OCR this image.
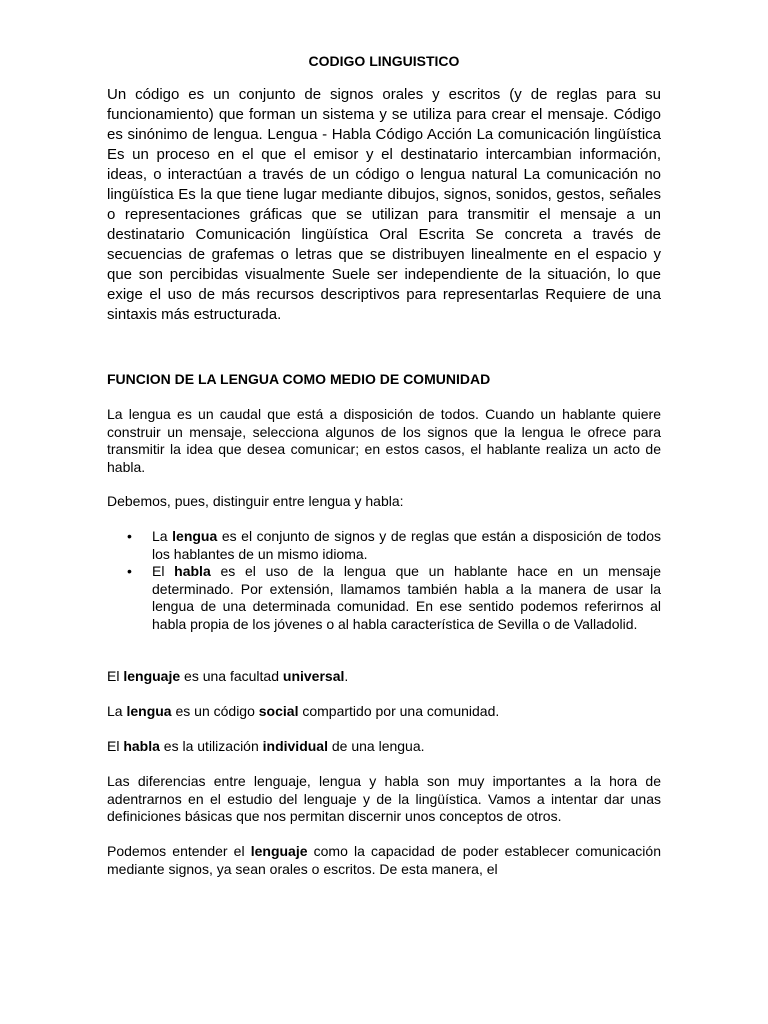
CODIGO LINGUISTICO

Un código es un conjunto de signos orales y escritos (y de reglas para su funcionamiento) que forman un sistema y se utiliza para crear el mensaje. Código es sinónimo de lengua. Lengua - Habla Código Acción La comunicación lingüística Es un proceso en el que el emisor y el destinatario intercambian información, ideas, o interactúan a través de un código o lengua natural La comunicación no lingüística Es la que tiene lugar mediante dibujos, signos, sonidos, gestos, señales o representaciones gráficas que se utilizan para transmitir el mensaje a un destinatario Comunicación lingüística Oral Escrita Se concreta a través de secuencias de grafemas o letras que se distribuyen linealmente en el espacio y que son percibidas visualmente Suele ser independiente de la situación, lo que exige el uso de más recursos descriptivos para representarlas Requiere de una sintaxis más estructurada.

FUNCION DE LA LENGUA COMO MEDIO DE COMUNIDAD

La lengua es un caudal que está a disposición de todos. Cuando un hablante quiere construir un mensaje, selecciona algunos de los signos que la lengua le ofrece para transmitir la idea que desea comunicar; en estos casos, el hablante realiza un acto de habla.

Debemos, pues, distinguir entre lengua y habla:

• La lengua es el conjunto de signos y de reglas que están a disposición de todos los hablantes de un mismo idioma.
• El habla es el uso de la lengua que un hablante hace en un mensaje determinado. Por extensión, llamamos también habla a la manera de usar la lengua de una determinada comunidad. En ese sentido podemos referirnos al habla propia de los jóvenes o al habla característica de Sevilla o de Valladolid.

El lenguaje es una facultad universal.

La lengua es un código social compartido por una comunidad.

El habla es la utilización individual de una lengua.

Las diferencias entre lenguaje, lengua y habla son muy importantes a la hora de adentrarnos en el estudio del lenguaje y de la lingüística. Vamos a intentar dar unas definiciones básicas que nos permitan discernir unos conceptos de otros.

Podemos entender el lenguaje como la capacidad de poder establecer comunicación mediante signos, ya sean orales o escritos. De esta manera, el
